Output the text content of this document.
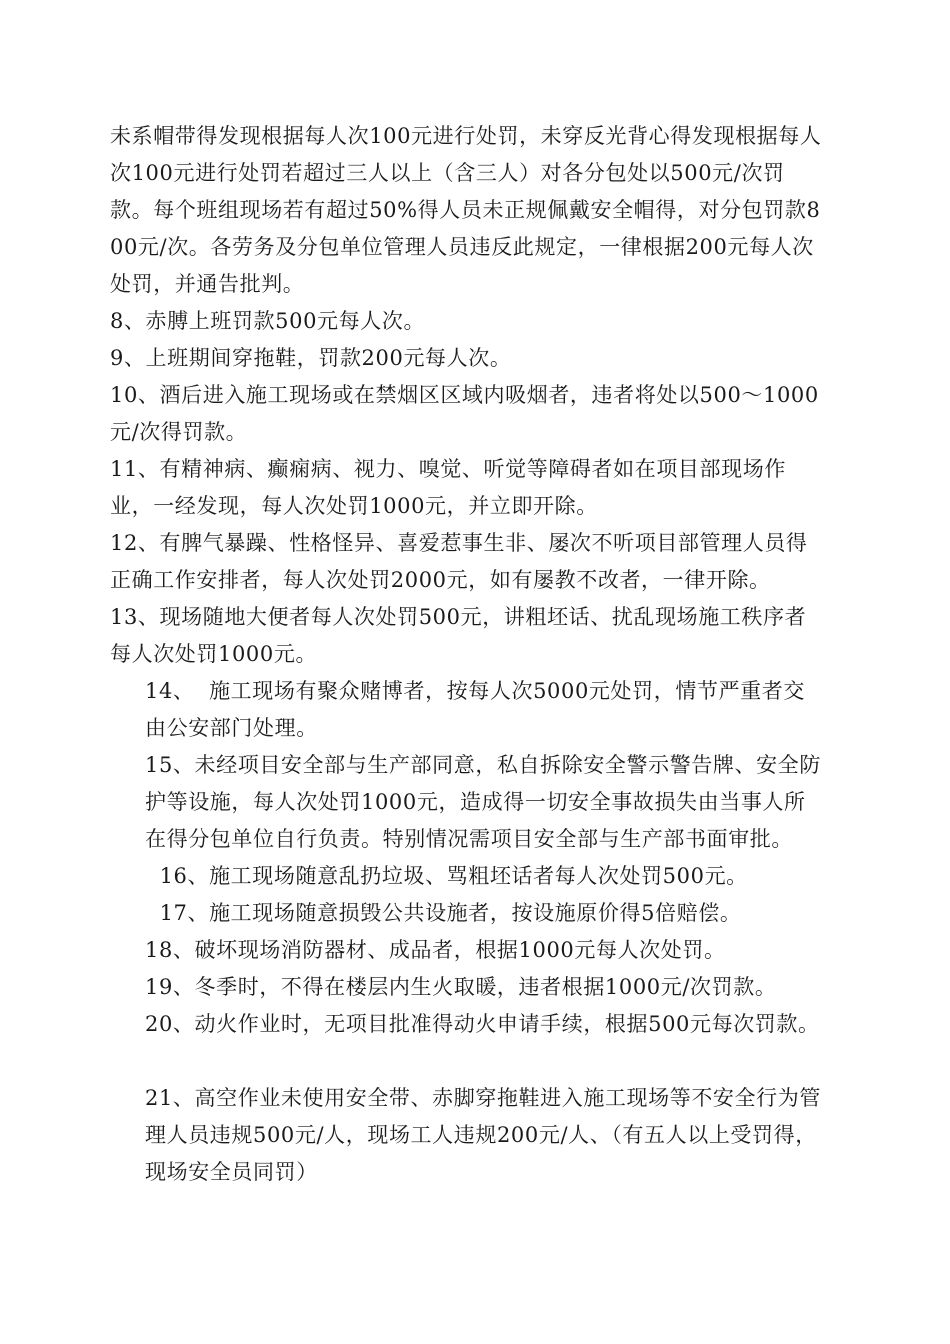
未系帽带得发现根据每人次100元进行处罚，未穿反光背心得发现根据每人次100元进行处罚若超过三人以上（含三人）对各分包处以500元/次罚款。每个班组现场若有超过50%得人员未正规佩戴安全帽得，对分包罚款800元/次。各劳务及分包单位管理人员违反此规定，一律根据200元每人次处罚，并通告批判。

8、赤膊上班罚款500元每人次。

9、上班期间穿拖鞋，罚款200元每人次。

10、酒后进入施工现场或在禁烟区区域内吸烟者，违者将处以500～1000元/次得罚款。

11、有精神病、癫痫病、视力、嗅觉、听觉等障碍者如在项目部现场作业，一经发现，每人次处罚1000元，并立即开除。

12、有脾气暴躁、性格怪异、喜爱惹事生非、屡次不听项目部管理人员得正确工作安排者，每人次处罚2000元，如有屡教不改者，一律开除。

13、现场随地大便者每人次处罚500元，讲粗坯话、扰乱现场施工秩序者每人次处罚1000元。

14、  施工现场有聚众赌博者，按每人次5000元处罚，情节严重者交由公安部门处理。

15、未经项目安全部与生产部同意，私自拆除安全警示警告牌、安全防护等设施，每人次处罚1000元，造成得一切安全事故损失由当事人所在得分包单位自行负责。特别情况需项目安全部与生产部书面审批。

16、施工现场随意乱扔垃圾、骂粗坯话者每人次处罚500元。

17、施工现场随意损毁公共设施者，按设施原价得5倍赔偿。

18、破坏现场消防器材、成品者，根据1000元每人次处罚。

19、冬季时，不得在楼层内生火取暖，违者根据1000元/次罚款。

20、动火作业时，无项目批准得动火申请手续，根据500元每次罚款。

21、高空作业未使用安全带、赤脚穿拖鞋进入施工现场等不安全行为管理人员违规500元/人，现场工人违规200元/人、（有五人以上受罚得，现场安全员同罚）
